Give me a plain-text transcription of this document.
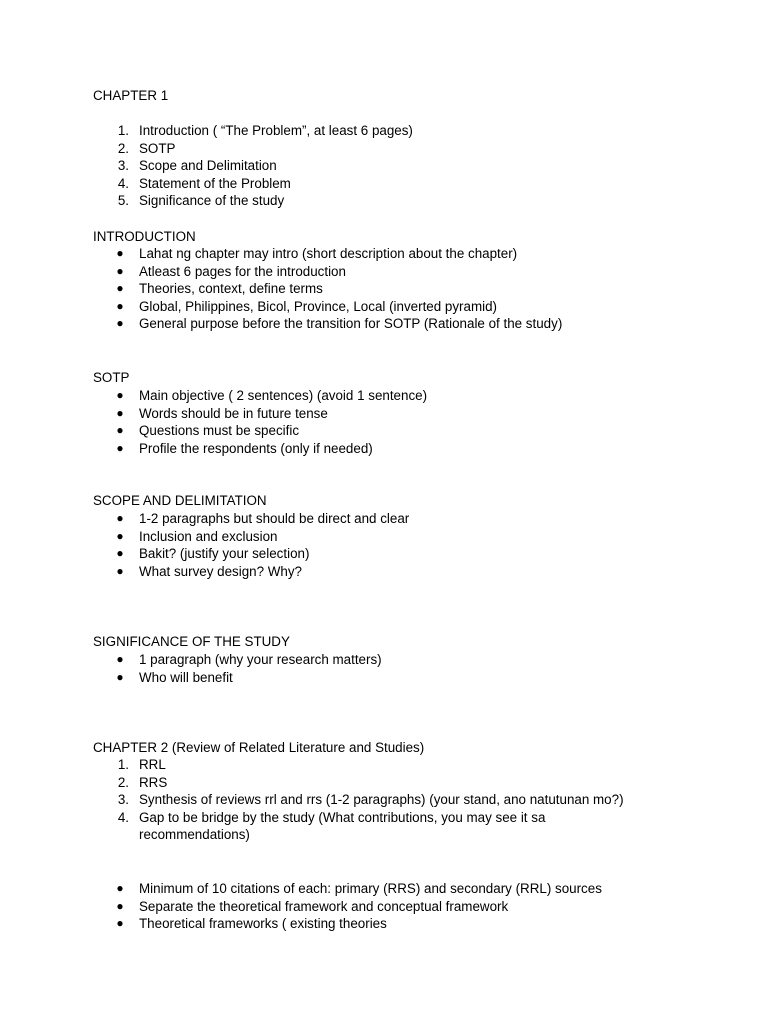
CHAPTER 1
1. Introduction ( “The Problem”, at least 6 pages)
2. SOTP
3. Scope and Delimitation
4. Statement of the Problem
5. Significance of the study
INTRODUCTION
● Lahat ng chapter may intro (short description about the chapter)
● Atleast 6 pages for the introduction
● Theories, context, define terms
● Global, Philippines, Bicol, Province, Local (inverted pyramid)
● General purpose before the transition for SOTP (Rationale of the study)
SOTP
● Main objective ( 2 sentences) (avoid 1 sentence)
● Words should be in future tense
● Questions must be specific
● Profile the respondents (only if needed)
SCOPE AND DELIMITATION
● 1-2 paragraphs but should be direct and clear
● Inclusion and exclusion
● Bakit? (justify your selection)
● What survey design? Why?
SIGNIFICANCE OF THE STUDY
● 1 paragraph (why your research matters)
● Who will benefit
CHAPTER 2 (Review of Related Literature and Studies)
1. RRL
2. RRS
3. Synthesis of reviews rrl and rrs (1-2 paragraphs) (your stand, ano natutunan mo?)
4. Gap to be bridge by the study (What contributions, you may see it sa recommendations)
● Minimum of 10 citations of each: primary (RRS) and secondary (RRL) sources
● Separate the theoretical framework and conceptual framework
● Theoretical frameworks ( existing theories
